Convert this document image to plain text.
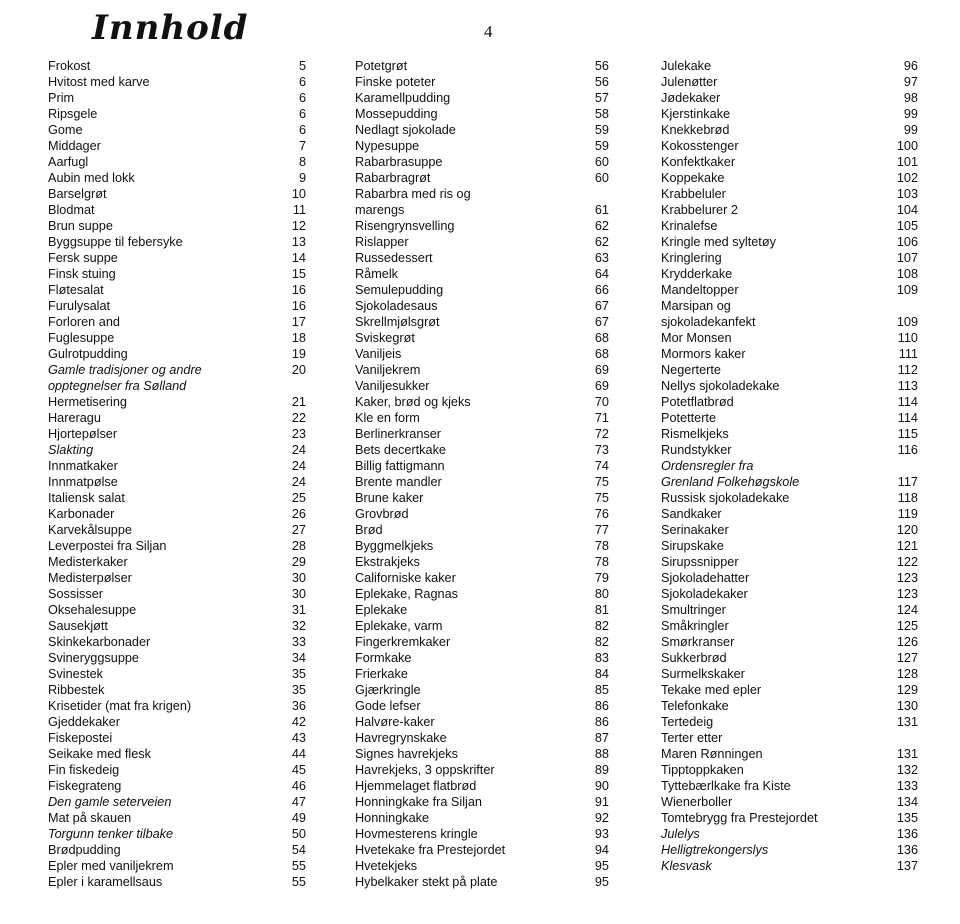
Innhold	4
Frokost	5
Hvitost med karve	6
Prim	6
Ripsgele	6
Gome	6
Middager	7
Aarfugl	8
Aubin med lokk	9
Barselgrøt	10
Blodmat	11
Brun suppe	12
Byggsuppe til febersyke	13
Fersk suppe	14
Finsk stuing	15
Fløtesalat	16
Furulysalat	16
Forloren and	17
Fuglesuppe	18
Gulrotpudding	19
Gamle tradisjoner og andre	20
opptegnelser fra Sølland
Hermetisering	21
Hareragu	22
Hjortepølser	23
Slakting	24
Innmatkaker	24
Innmatpølse	24
Italiensk salat	25
Karbonader	26
Karvekålsuppe	27
Leverpostei fra Siljan	28
Medisterkaker	29
Medisterpølser	30
Sossisser	30
Oksehalesuppe	31
Sausekjøtt	32
Skinkekarbonader	33
Svineryggsuppe	34
Svinestek	35
Ribbestek	35
Krisetider (mat fra krigen)	36
Gjeddekaker	42
Fiskepostei	43
Seikake med flesk	44
Fin fiskedeig	45
Fiskegrateng	46
Den gamle seterveien	47
Mat på skauen	49
Torgunn tenker tilbake	50
Brødpudding	54
Epler med vaniljekrem	55
Epler i karamellsaus	55
Potetgrøt	56
Finske poteter	56
Karamellpudding	57
Mossepudding	58
Nedlagt sjokolade	59
Nypesuppe	59
Rabarbrasuppe	60
Rabarbragrøt	60
Rabarbra med ris og
marengs	61
Risengrynsvelling	62
Rislapper	62
Russedessert	63
Råmelk	64
Semulepudding	66
Sjokoladesaus	67
Skrellmjølsgrøt	67
Sviskegrøt	68
Vaniljeis	68
Vaniljekrem	69
Vaniljesukker	69
Kaker, brød og kjeks	70
Kle en form	71
Berlinerkranser	72
Bets decertkake	73
Billig fattigmann	74
Brente mandler	75
Brune kaker	75
Grovbrød	76
Brød	77
Byggmelkjeks	78
Ekstrakjeks	78
Californiske kaker	79
Eplekake, Ragnas	80
Eplekake	81
Eplekake, varm	82
Fingerkremkaker	82
Formkake	83
Frierkake	84
Gjærkringle	85
Gode lefser	86
Halvøre-kaker	86
Havregrynskake	87
Signes havrekjeks	88
Havrekjeks, 3 oppskrifter	89
Hjemmelaget flatbrød	90
Honningkake fra Siljan	91
Honningkake	92
Hovmesterens kringle	93
Hvetekake fra Prestejordet	94
Hvetekjeks	95
Hybelkaker stekt på plate	95
Julekake	96
Julenøtter	97
Jødekaker	98
Kjerstinkake	99
Knekkebrød	99
Kokosstenger	100
Konfektkaker	101
Koppekake	102
Krabbeluler	103
Krabbelurer 2	104
Krinalefse	105
Kringle med syltetøy	106
Kringlering	107
Krydderkake	108
Mandeltopper	109
Marsipan og
sjokoladekanfekt	109
Mor Monsen	110
Mormors kaker	111
Negerterte	112
Nellys sjokoladekake	113
Potetflatbrød	114
Potetterte	114
Rismelkjeks	115
Rundstykker	116
Ordensregler fra
Grenland Folkehøgskole	117
Russisk sjokoladekake	118
Sandkaker	119
Serinakaker	120
Sirupskake	121
Sirupssnipper	122
Sjokoladehatter	123
Sjokoladekaker	123
Smultringer	124
Småkringler	125
Smørkranser	126
Sukkerbrød	127
Surmelkskaker	128
Tekake med epler	129
Telefonkake	130
Tertedeig	131
Terter etter
Maren Rønningen	131
Tipptoppkaken	132
Tyttebærlkake fra Kiste	133
Wienerboller	134
Tomtebrygg fra Prestejordet	135
Julelys	136
Helligtrekongerslys	136
Klesvask	137
